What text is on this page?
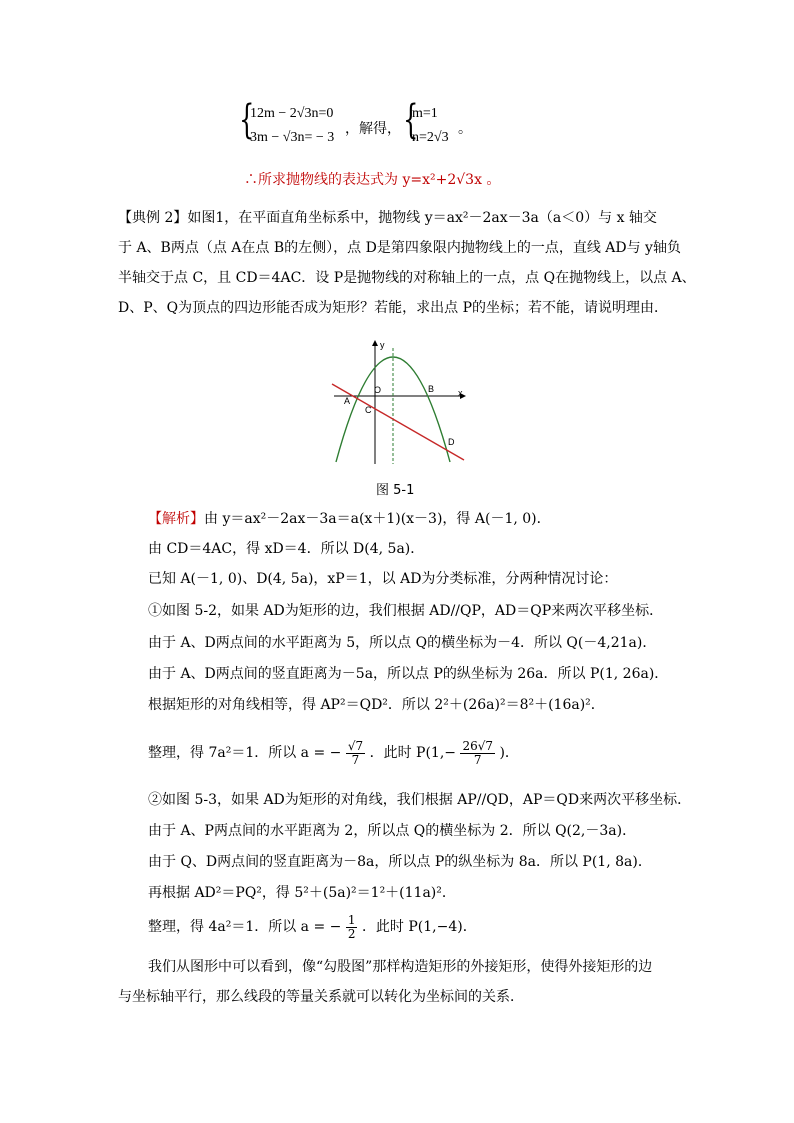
{
12m − 2√3n=0
3m − √3n= − 3
，解得， {
m=1
n=2√3
。
∴所求抛物线的表达式为 y=x²+2√3x 。
【典例 2】如图1，在平面直角坐标系中，抛物线 y＝ax²－2ax－3a（a＜0）与 x 轴交
于 A、B两点（点 A在点 B的左侧），点 D是第四象限内抛物线上的一点，直线 AD与 y轴负
半轴交于点 C，且 CD＝4AC．设 P是抛物线的对称轴上的一点，点 Q在抛物线上，以点 A、
D、P、Q为顶点的四边形能否成为矩形？若能，求出点 P的坐标；若不能，请说明理由．
y
x
O
A
B
C
D
图 5-1
【解析】由 y＝ax²－2ax－3a＝a(x＋1)(x－3)，得 A(－1, 0)．
由 CD＝4AC，得 xD＝4．所以 D(4, 5a)．
已知 A(－1, 0)、D(4, 5a)，xP＝1，以 AD为分类标准，分两种情况讨论：
①如图 5-2，如果 AD为矩形的边，我们根据 AD//QP，AD＝QP来两次平移坐标．
由于 A、D两点间的水平距离为 5，所以点 Q的横坐标为－4．所以 Q(－4,21a)．
由于 A、D两点间的竖直距离为－5a，所以点 P的纵坐标为 26a．所以 P(1, 26a)．
根据矩形的对角线相等，得 AP²＝QD²．所以 2²＋(26a)²＝8²＋(16a)²．
整理，得 7a²＝1．所以 a = − $\frac{√7}{7}$ ．此时 $P(1,- \frac{26√7}{7}$ )．
②如图 5-3，如果 AD为矩形的对角线，我们根据 AP//QD，AP＝QD来两次平移坐标．
由于 A、P两点间的水平距离为 2，所以点 Q的横坐标为 2．所以 Q(2,－3a)．
由于 Q、D两点间的竖直距离为－8a，所以点 P的纵坐标为 8a．所以 P(1, 8a)．
再根据 AD²＝PQ²，得 5²＋(5a)²＝1²＋(11a)²．
整理，得 4a²＝1．所以 a = − $\frac{1}{2}$ ．此时 P(1,−4)．
我们从图形中可以看到，像“勾股图”那样构造矩形的外接矩形，使得外接矩形的边
与坐标轴平行，那么线段的等量关系就可以转化为坐标间的关系．
